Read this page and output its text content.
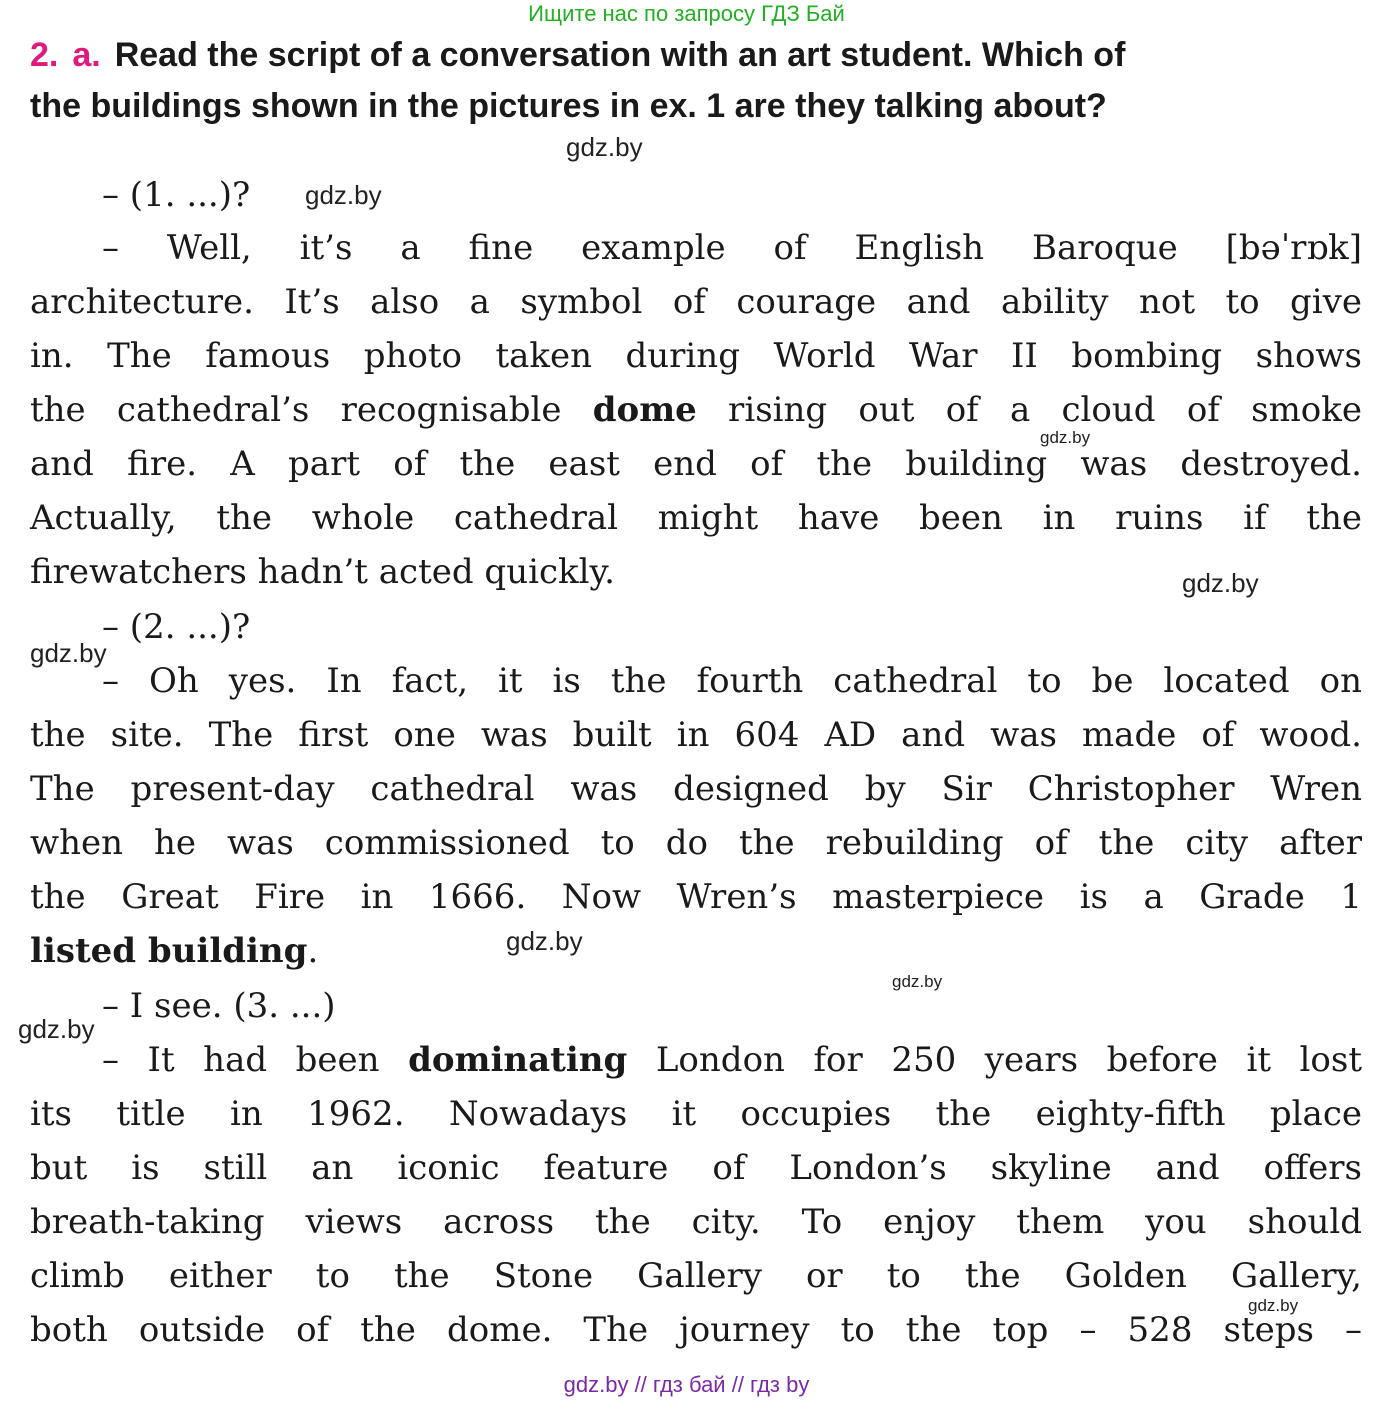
Ищите нас по запросу ГДЗ Бай
2. a. Read the script of a conversation with an art student. Which of
the buildings shown in the pictures in ex. 1 are they talking about?
gdz.by
gdz.by
gdz.by
gdz.by
gdz.by
gdz.by
gdz.by
gdz.by
gdz.by
– (1. ...)?
– Well, it’s a fine example of English Baroque [bəˈrɒk]
architecture. It’s also a symbol of courage and ability not to give
in. The famous photo taken during World War II bombing shows
the cathedral’s recognisable dome rising out of a cloud of smoke
and fire. A part of the east end of the building was destroyed.
Actually, the whole cathedral might have been in ruins if the
firewatchers hadn’t acted quickly.
– (2. ...)?
– Oh yes. In fact, it is the fourth cathedral to be located on
the site. The first one was built in 604 AD and was made of wood.
The present-day cathedral was designed by Sir Christopher Wren
when he was commissioned to do the rebuilding of the city after
the Great Fire in 1666. Now Wren’s masterpiece is a Grade 1
listed building.
– I see. (3. ...)
– It had been dominating London for 250 years before it lost
its title in 1962. Nowadays it occupies the eighty-fifth place
but is still an iconic feature of London’s skyline and offers
breath-taking views across the city. To enjoy them you should
climb either to the Stone Gallery or to the Golden Gallery,
both outside of the dome. The journey to the top – 528 steps –
gdz.by // гдз бай // гдз by
